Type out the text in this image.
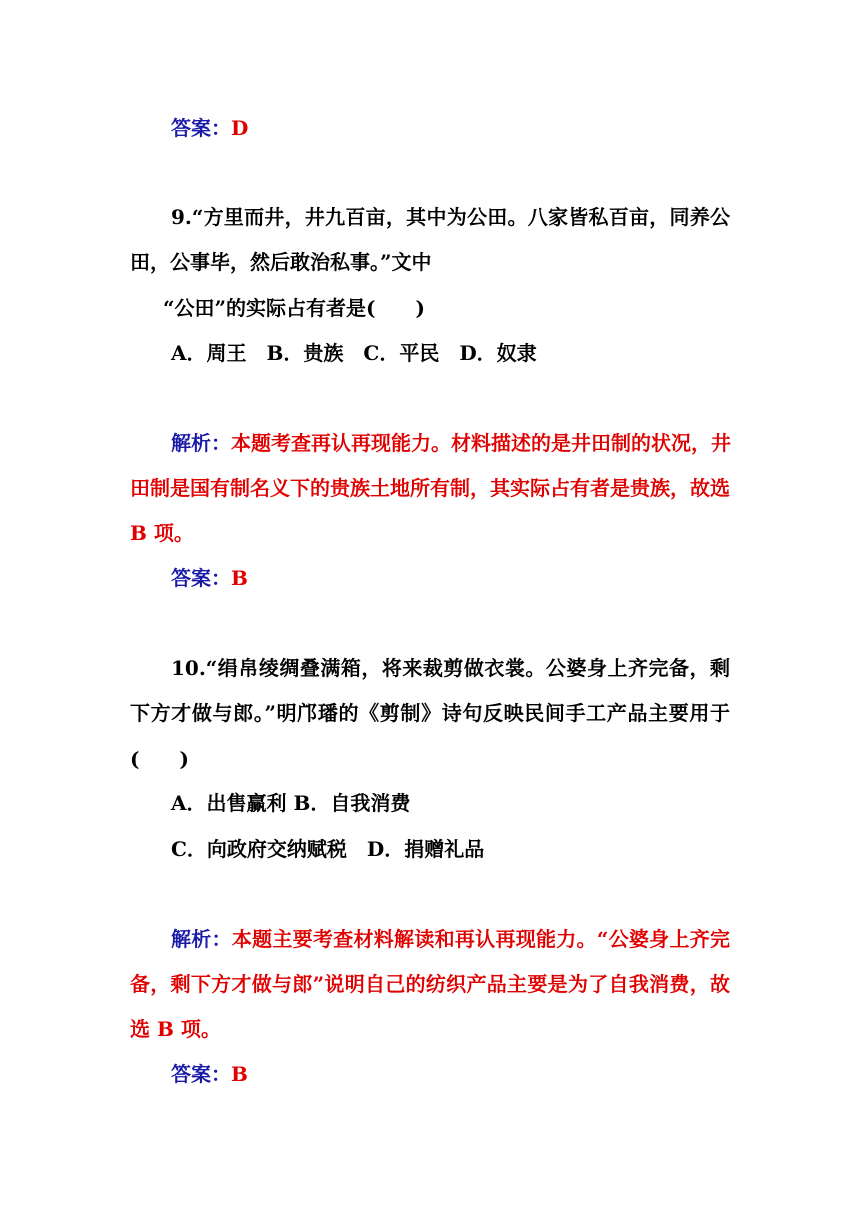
答案：D
9.“方里而井，井九百亩，其中为公田。八家皆私百亩，同养公
田，公事毕，然后敢治私事。”文中
“公田”的实际占有者是(　　)
A．周王　B．贵族　C．平民　D．奴隶
解析：本题考查再认再现能力。材料描述的是井田制的状况，井
田制是国有制名义下的贵族土地所有制，其实际占有者是贵族，故选
B 项。
答案：B
10.“绢帛绫绸叠满箱，将来裁剪做衣裳。公婆身上齐完备，剩
下方才做与郎。”明邝璠的《剪制》诗句反映民间手工产品主要用于
(　　)
A．出售赢利 B．自我消费
C．向政府交纳赋税　D．捐赠礼品
解析：本题主要考查材料解读和再认再现能力。“公婆身上齐完
备，剩下方才做与郎”说明自己的纺织产品主要是为了自我消费，故
选 B 项。
答案：B
